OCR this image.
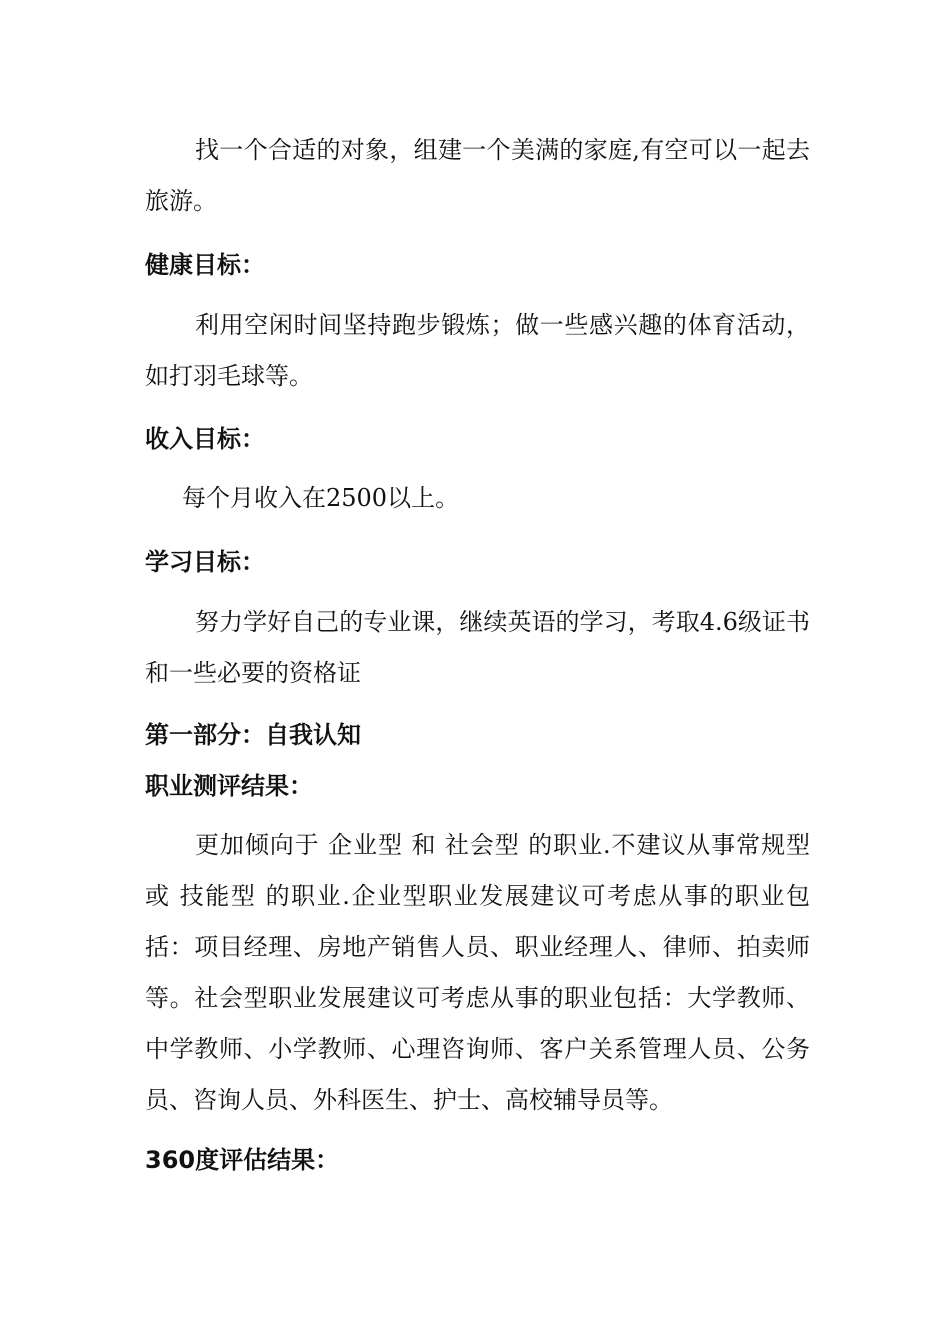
找一个合适的对象，组建一个美满的家庭,有空可以一起去旅游。

健康目标：

利用空闲时间坚持跑步锻炼；做一些感兴趣的体育活动，如打羽毛球等。

收入目标：

每个月收入在2500以上。

学习目标：

努力学好自己的专业课，继续英语的学习，考取4.6级证书和一些必要的资格证

第一部分：自我认知
职业测评结果：

更加倾向于 企业型 和 社会型 的职业.不建议从事常规型 或 技能型 的职业.企业型职业发展建议可考虑从事的职业包括：项目经理、房地产销售人员、职业经理人、律师、拍卖师等。社会型职业发展建议可考虑从事的职业包括：大学教师、中学教师、小学教师、心理咨询师、客户关系管理人员、公务员、咨询人员、外科医生、护士、高校辅导员等。

360度评估结果：
